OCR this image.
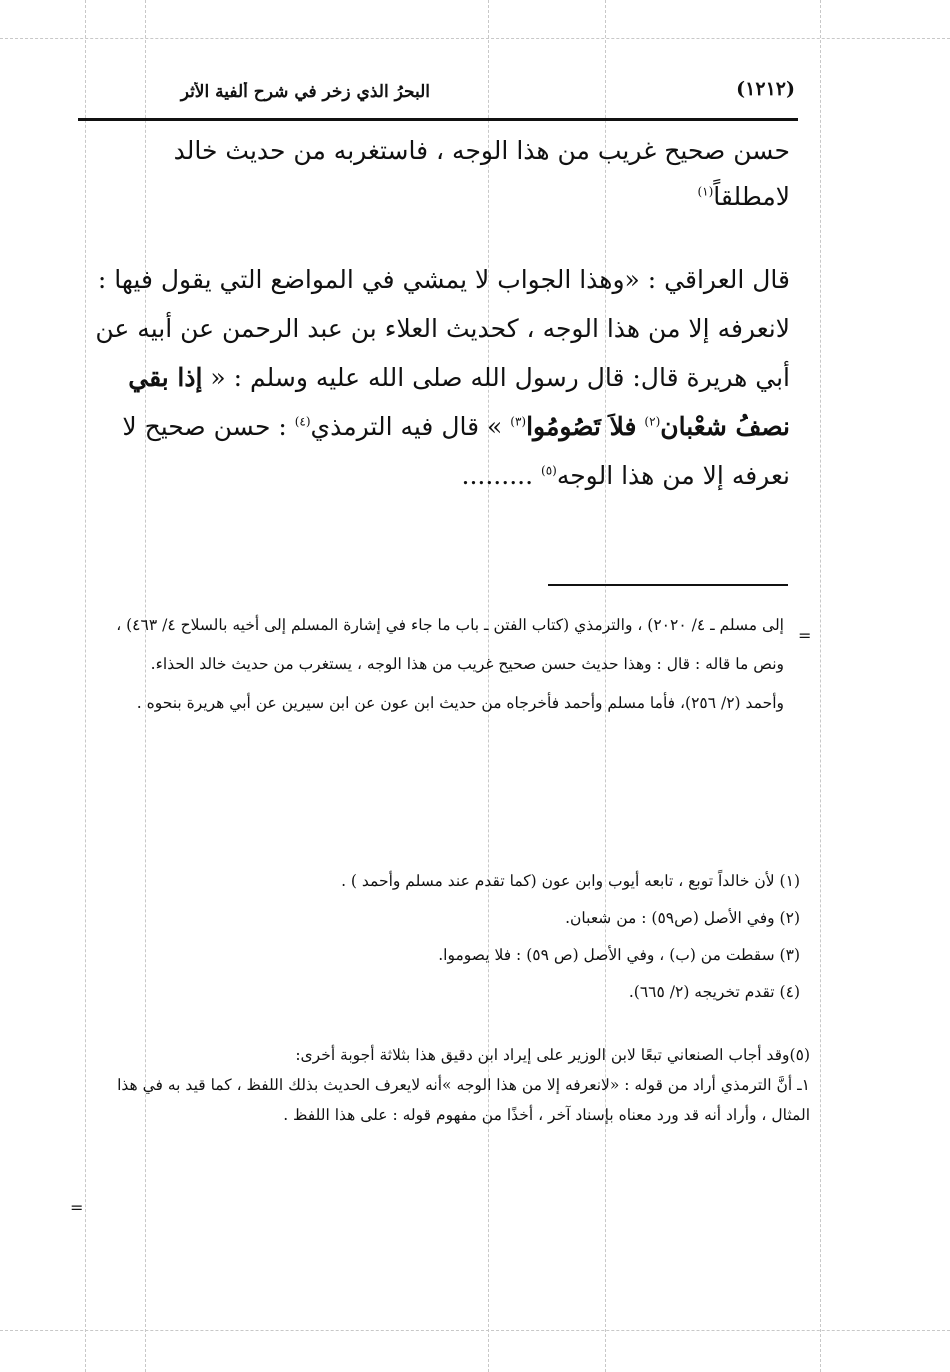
البحرُ الذي زخر في شرح ألفية الأثر	(١٢١٢)
حسن صحيح غريب من هذا الوجه ، فاستغربه من حديث خالد لامطلقاً$^{(١)}$
قال العراقي : «وهذا الجواب لا يمشي في المواضع التي يقول فيها : لانعرفه إلا من هذا الوجه ، كحديث العلاء بن عبد الرحمن عن أبيه عن أبي هريرة قال: قال رسول الله صلى الله عليه وسلم : « إذا بقي نصفُ شعْبان$^{(٢)}$ فلاَ تَصُومُوا$^{(٣)}$ » قال فيه الترمذي$^{(٤)}$ : حسن صحيح لا نعرفه إلا من هذا الوجه$^{(٥)}$ .........
=
=
إلى مسلم ـ ٤/ ٢٠٢٠) ، والترمذي (كتاب الفتن ـ باب ما جاء في إشارة المسلم إلى أخيه بالسلاح ٤/ ٤٦٣) ،
ونص ما قاله : قال : وهذا حديث حسن صحيح غريب من هذا الوجه ، يستغرب من حديث خالد الحذاء.
وأحمد (٢/ ٢٥٦)، فأما مسلم وأحمد فأخرجاه من حديث ابن عون عن ابن سيرين عن أبي هريرة بنحوه .
(١) لأن خالداً توبع ، تابعه أيوب وابن عون (كما تقدم عند مسلم وأحمد ) .
(٢) وفي الأصل (ص٥٩) : من شعبان.
(٣) سقطت من (ب) ، وفي الأصل (ص ٥٩) : فلا يصوموا.
(٤) تقدم تخريجه (٢/ ٦٦٥).
(٥)وقد أجاب الصنعاني تبعًا لابن الوزير على إيراد ابن دقيق هذا بثلاثة أجوبة أخرى:
١ـ أنَّ الترمذي أراد من قوله : «لانعرفه إلا من هذا الوجه »أنه لايعرف الحديث بذلك اللفظ ، كما قيد به في هذا المثال ، وأراد أنه قد ورد معناه بإسناد آخر ، أخذًا من مفهوم قوله : على هذا اللفظ .
